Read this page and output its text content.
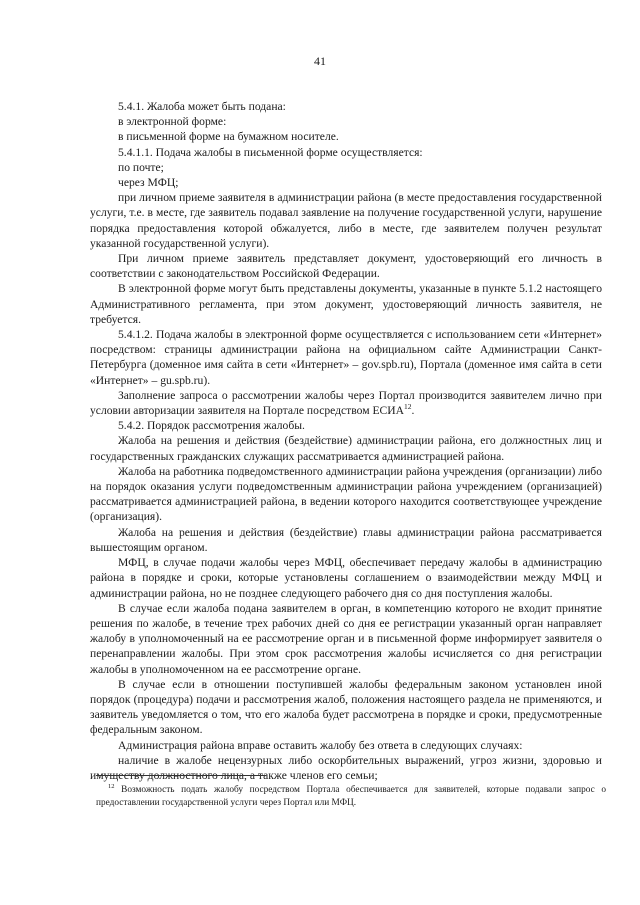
41

5.4.1. Жалоба может быть подана:

в электронной форме:

в письменной форме на бумажном носителе.

5.4.1.1. Подача жалобы в письменной форме осуществляется:

по почте;

через МФЦ;

при личном приеме заявителя в администрации района (в месте предоставления государственной услуги, т.е. в месте, где заявитель подавал заявление на получение государственной услуги, нарушение порядка предоставления которой обжалуется, либо в месте, где заявителем получен результат указанной государственной услуги).

При личном приеме заявитель представляет документ, удостоверяющий его личность в соответствии с законодательством Российской Федерации.

В электронной форме могут быть представлены документы, указанные в пункте 5.1.2 настоящего Административного регламента, при этом документ, удостоверяющий личность заявителя, не требуется.

5.4.1.2. Подача жалобы в электронной форме осуществляется с использованием сети «Интернет» посредством: страницы администрации района на официальном сайте Администрации Санкт-Петербурга (доменное имя сайта в сети «Интернет» – gov.spb.ru), Портала (доменное имя сайта в сети «Интернет» – gu.spb.ru).

Заполнение запроса о рассмотрении жалобы через Портал производится заявителем лично при условии авторизации заявителя на Портале посредством ЕСИА$^{12}$.

5.4.2. Порядок рассмотрения жалобы.

Жалоба на решения и действия (бездействие) администрации района, его должностных лиц и государственных гражданских служащих рассматривается администрацией района.

Жалоба на работника подведомственного администрации района учреждения (организации) либо на порядок оказания услуги подведомственным администрации района учреждением (организацией) рассматривается администрацией района, в ведении которого находится соответствующее учреждение (организация).

Жалоба на решения и действия (бездействие) главы администрации района рассматривается вышестоящим органом.

МФЦ, в случае подачи жалобы через МФЦ, обеспечивает передачу жалобы в администрацию района в порядке и сроки, которые установлены соглашением о взаимодействии между МФЦ и администрации района, но не позднее следующего рабочего дня со дня поступления жалобы.

В случае если жалоба подана заявителем в орган, в компетенцию которого не входит принятие решения по жалобе, в течение трех рабочих дней со дня ее регистрации указанный орган направляет жалобу в уполномоченный на ее рассмотрение орган и в письменной форме информирует заявителя о перенаправлении жалобы. При этом срок рассмотрения жалобы исчисляется со дня регистрации жалобы в уполномоченном на ее рассмотрение органе.

В случае если в отношении поступившей жалобы федеральным законом установлен иной порядок (процедура) подачи и рассмотрения жалоб, положения настоящего раздела не применяются, и заявитель уведомляется о том, что его жалоба будет рассмотрена в порядке и сроки, предусмотренные федеральным законом.

Администрация района вправе оставить жалобу без ответа в следующих случаях:

наличие в жалобе нецензурных либо оскорбительных выражений, угроз жизни, здоровью и имуществу должностного лица, а также членов его семьи;

$^{12}$ Возможность подать жалобу посредством Портала обеспечивается для заявителей, которые подавали запрос о предоставлении государственной услуги через Портал или МФЦ.
